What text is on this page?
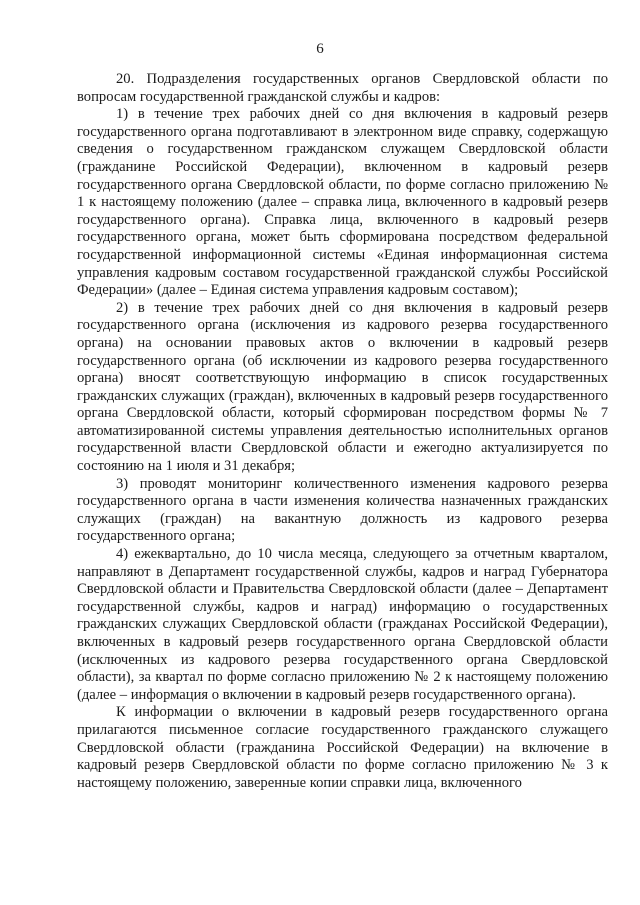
6

20. Подразделения государственных органов Свердловской области по вопросам государственной гражданской службы и кадров:

1) в течение трех рабочих дней со дня включения в кадровый резерв государственного органа подготавливают в электронном виде справку, содержащую сведения о государственном гражданском служащем Свердловской области (гражданине Российской Федерации), включенном в кадровый резерв государственного органа Свердловской области, по форме согласно приложению № 1 к настоящему положению (далее – справка лица, включенного в кадровый резерв государственного органа). Справка лица, включенного в кадровый резерв государственного органа, может быть сформирована посредством федеральной государственной информационной системы «Единая информационная система управления кадровым составом государственной гражданской службы Российской Федерации» (далее – Единая система управления кадровым составом);

2) в течение трех рабочих дней со дня включения в кадровый резерв государственного органа (исключения из кадрового резерва государственного органа) на основании правовых актов о включении в кадровый резерв государственного органа (об исключении из кадрового резерва государственного органа) вносят соответствующую информацию в список государственных гражданских служащих (граждан), включенных в кадровый резерв государственного органа Свердловской области, который сформирован посредством формы № 7 автоматизированной системы управления деятельностью исполнительных органов государственной власти Свердловской области и ежегодно актуализируется по состоянию на 1 июля и 31 декабря;

3) проводят мониторинг количественного изменения кадрового резерва государственного органа в части изменения количества назначенных гражданских служащих (граждан) на вакантную должность из кадрового резерва государственного органа;

4) ежеквартально, до 10 числа месяца, следующего за отчетным кварталом, направляют в Департамент государственной службы, кадров и наград Губернатора Свердловской области и Правительства Свердловской области (далее – Департамент государственной службы, кадров и наград) информацию о государственных гражданских служащих Свердловской области (гражданах Российской Федерации), включенных в кадровый резерв государственного органа Свердловской области (исключенных из кадрового резерва государственного органа Свердловской области), за квартал по форме согласно приложению № 2 к настоящему положению (далее – информация о включении в кадровый резерв государственного органа).

К информации о включении в кадровый резерв государственного органа прилагаются письменное согласие государственного гражданского служащего Свердловской области (гражданина Российской Федерации) на включение в кадровый резерв Свердловской области по форме согласно приложению № 3 к настоящему положению, заверенные копии справки лица, включенного
